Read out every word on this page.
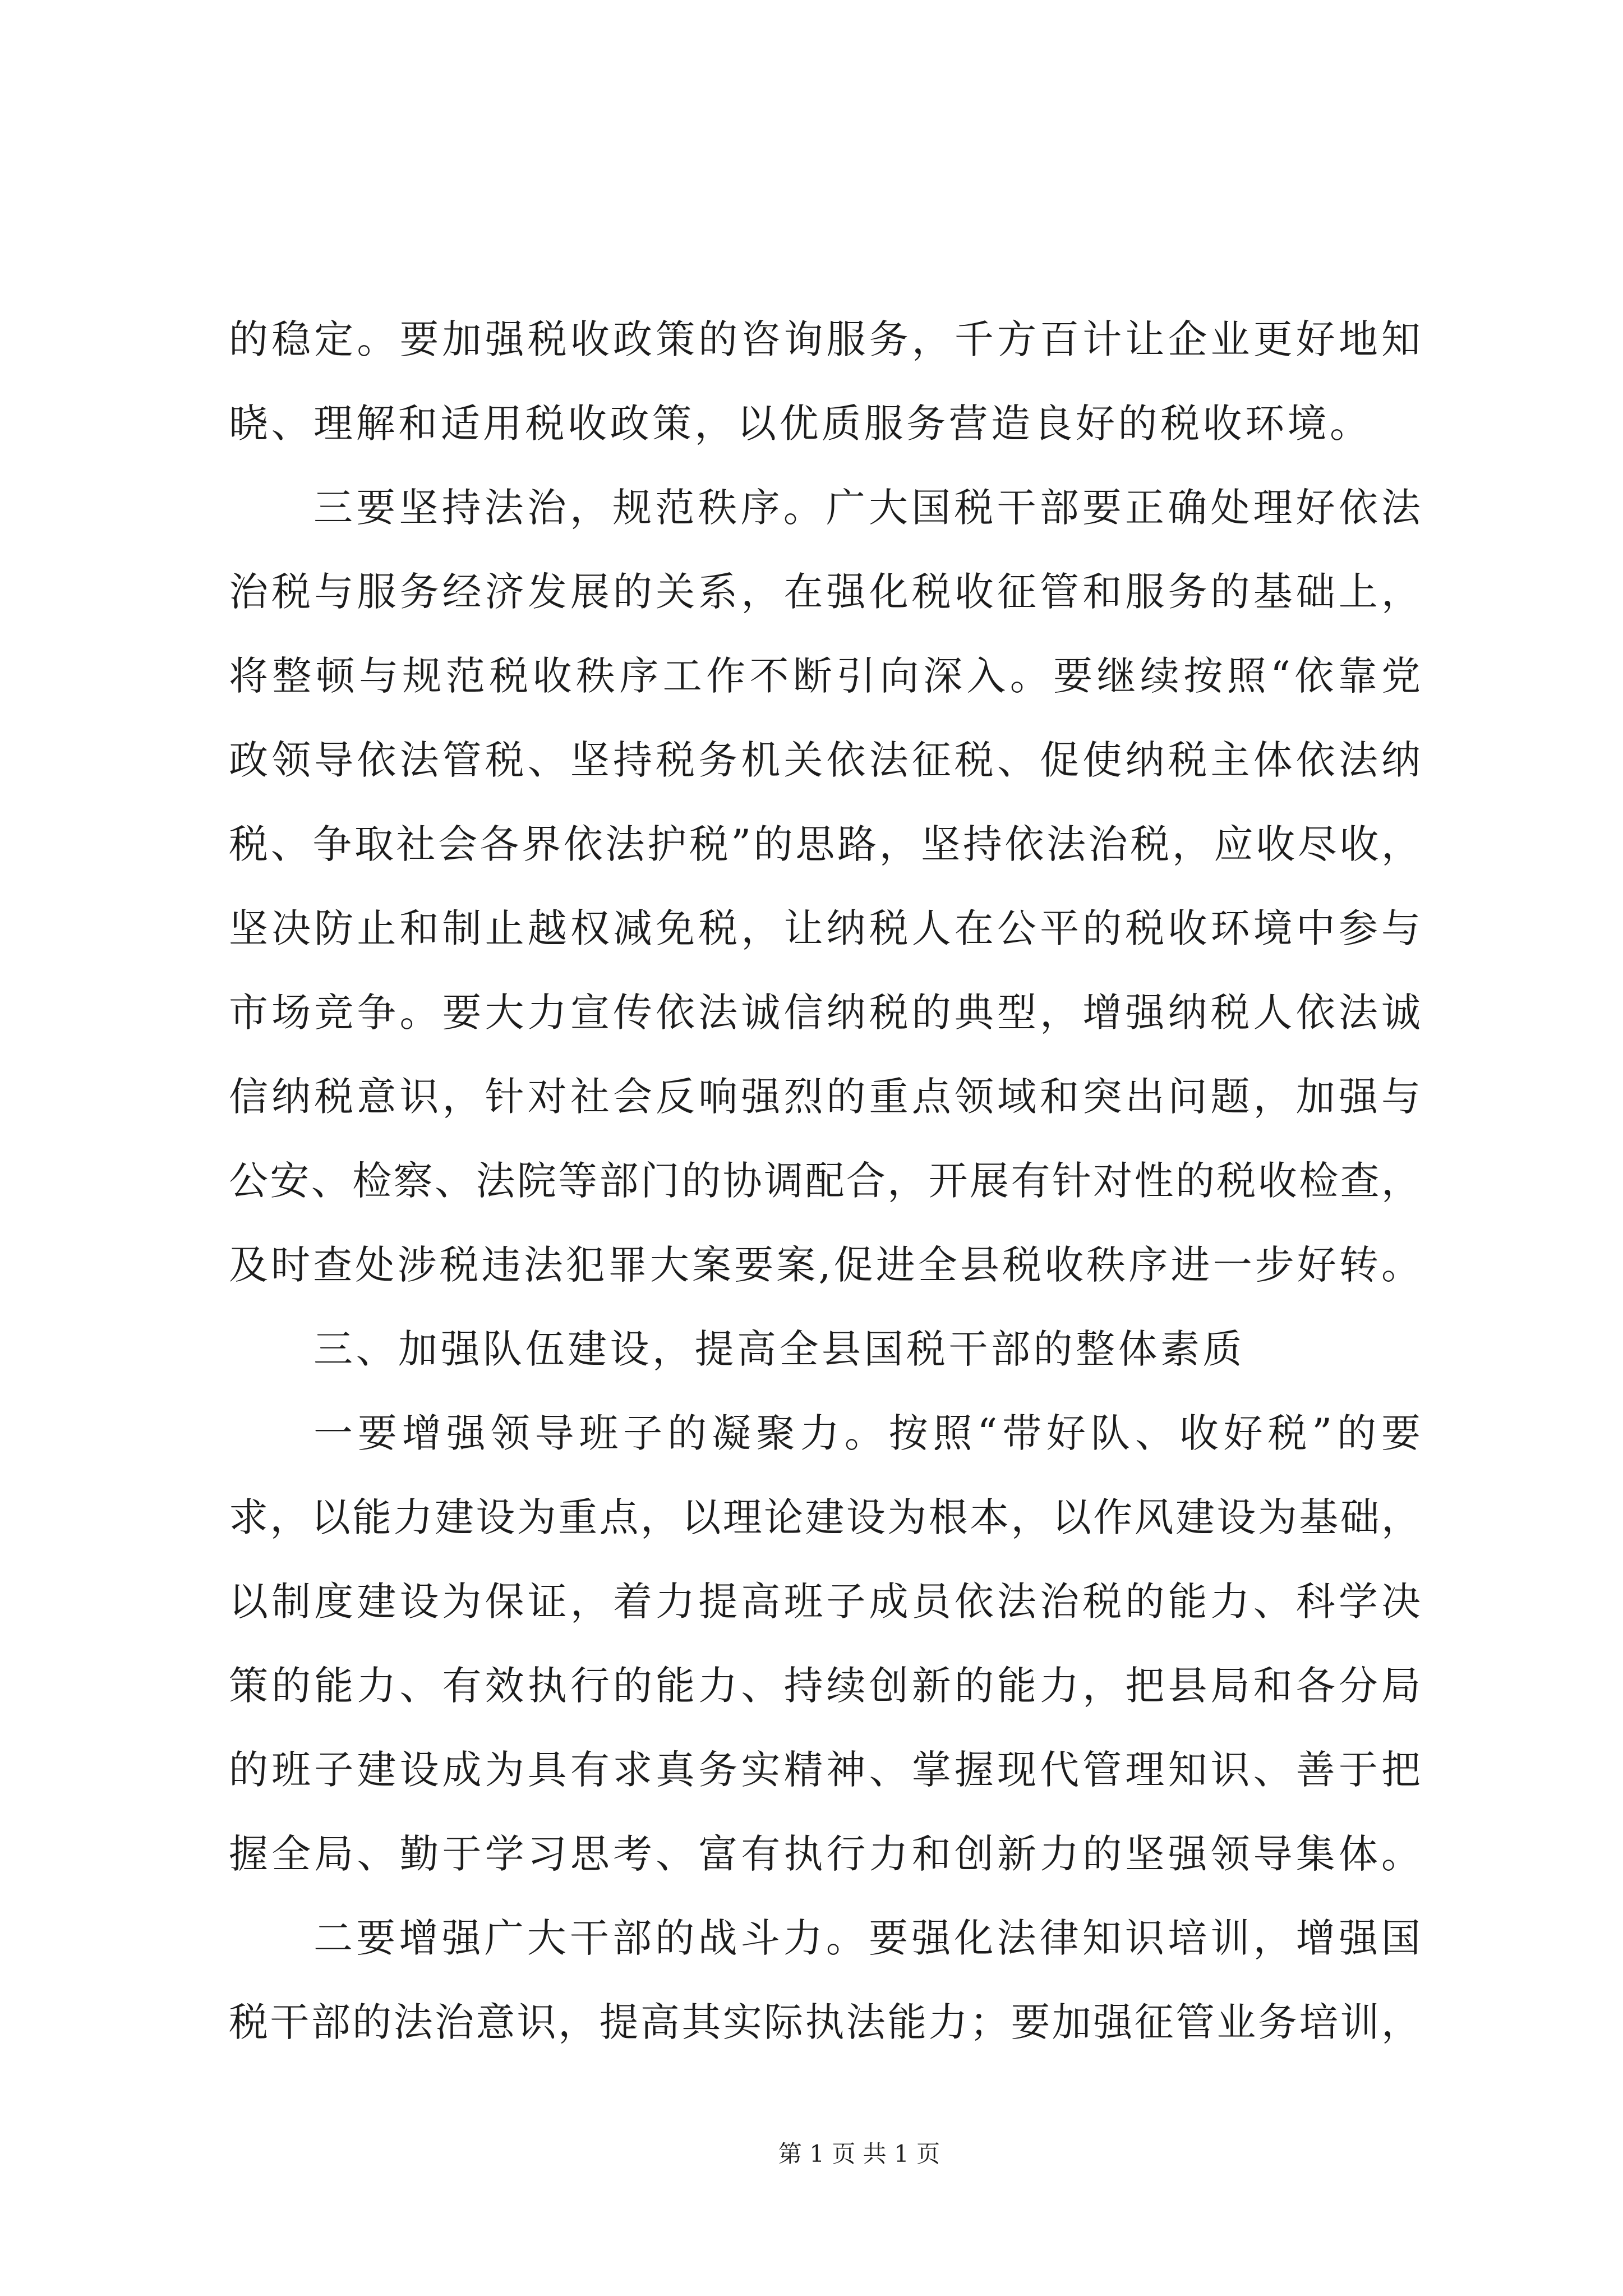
的稳定。要加强税收政策的咨询服务，千方百计让企业更好地知
晓、理解和适用税收政策，以优质服务营造良好的税收环境。
三要坚持法治，规范秩序。广大国税干部要正确处理好依法
治税与服务经济发展的关系，在强化税收征管和服务的基础上，
将整顿与规范税收秩序工作不断引向深入。要继续按照“依靠党
政领导依法管税、坚持税务机关依法征税、促使纳税主体依法纳
税、争取社会各界依法护税”的思路，坚持依法治税，应收尽收，
坚决防止和制止越权减免税，让纳税人在公平的税收环境中参与
市场竞争。要大力宣传依法诚信纳税的典型，增强纳税人依法诚
信纳税意识，针对社会反响强烈的重点领域和突出问题，加强与
公安、检察、法院等部门的协调配合，开展有针对性的税收检查，
及时查处涉税违法犯罪大案要案,促进全县税收秩序进一步好转。
三、加强队伍建设，提高全县国税干部的整体素质
一要增强领导班子的凝聚力。按照“带好队、收好税”的要
求，以能力建设为重点，以理论建设为根本，以作风建设为基础，
以制度建设为保证，着力提高班子成员依法治税的能力、科学决
策的能力、有效执行的能力、持续创新的能力，把县局和各分局
的班子建设成为具有求真务实精神、掌握现代管理知识、善于把
握全局、勤于学习思考、富有执行力和创新力的坚强领导集体。
二要增强广大干部的战斗力。要强化法律知识培训，增强国
税干部的法治意识，提高其实际执法能力；要加强征管业务培训，
第 1 页 共 1 页
